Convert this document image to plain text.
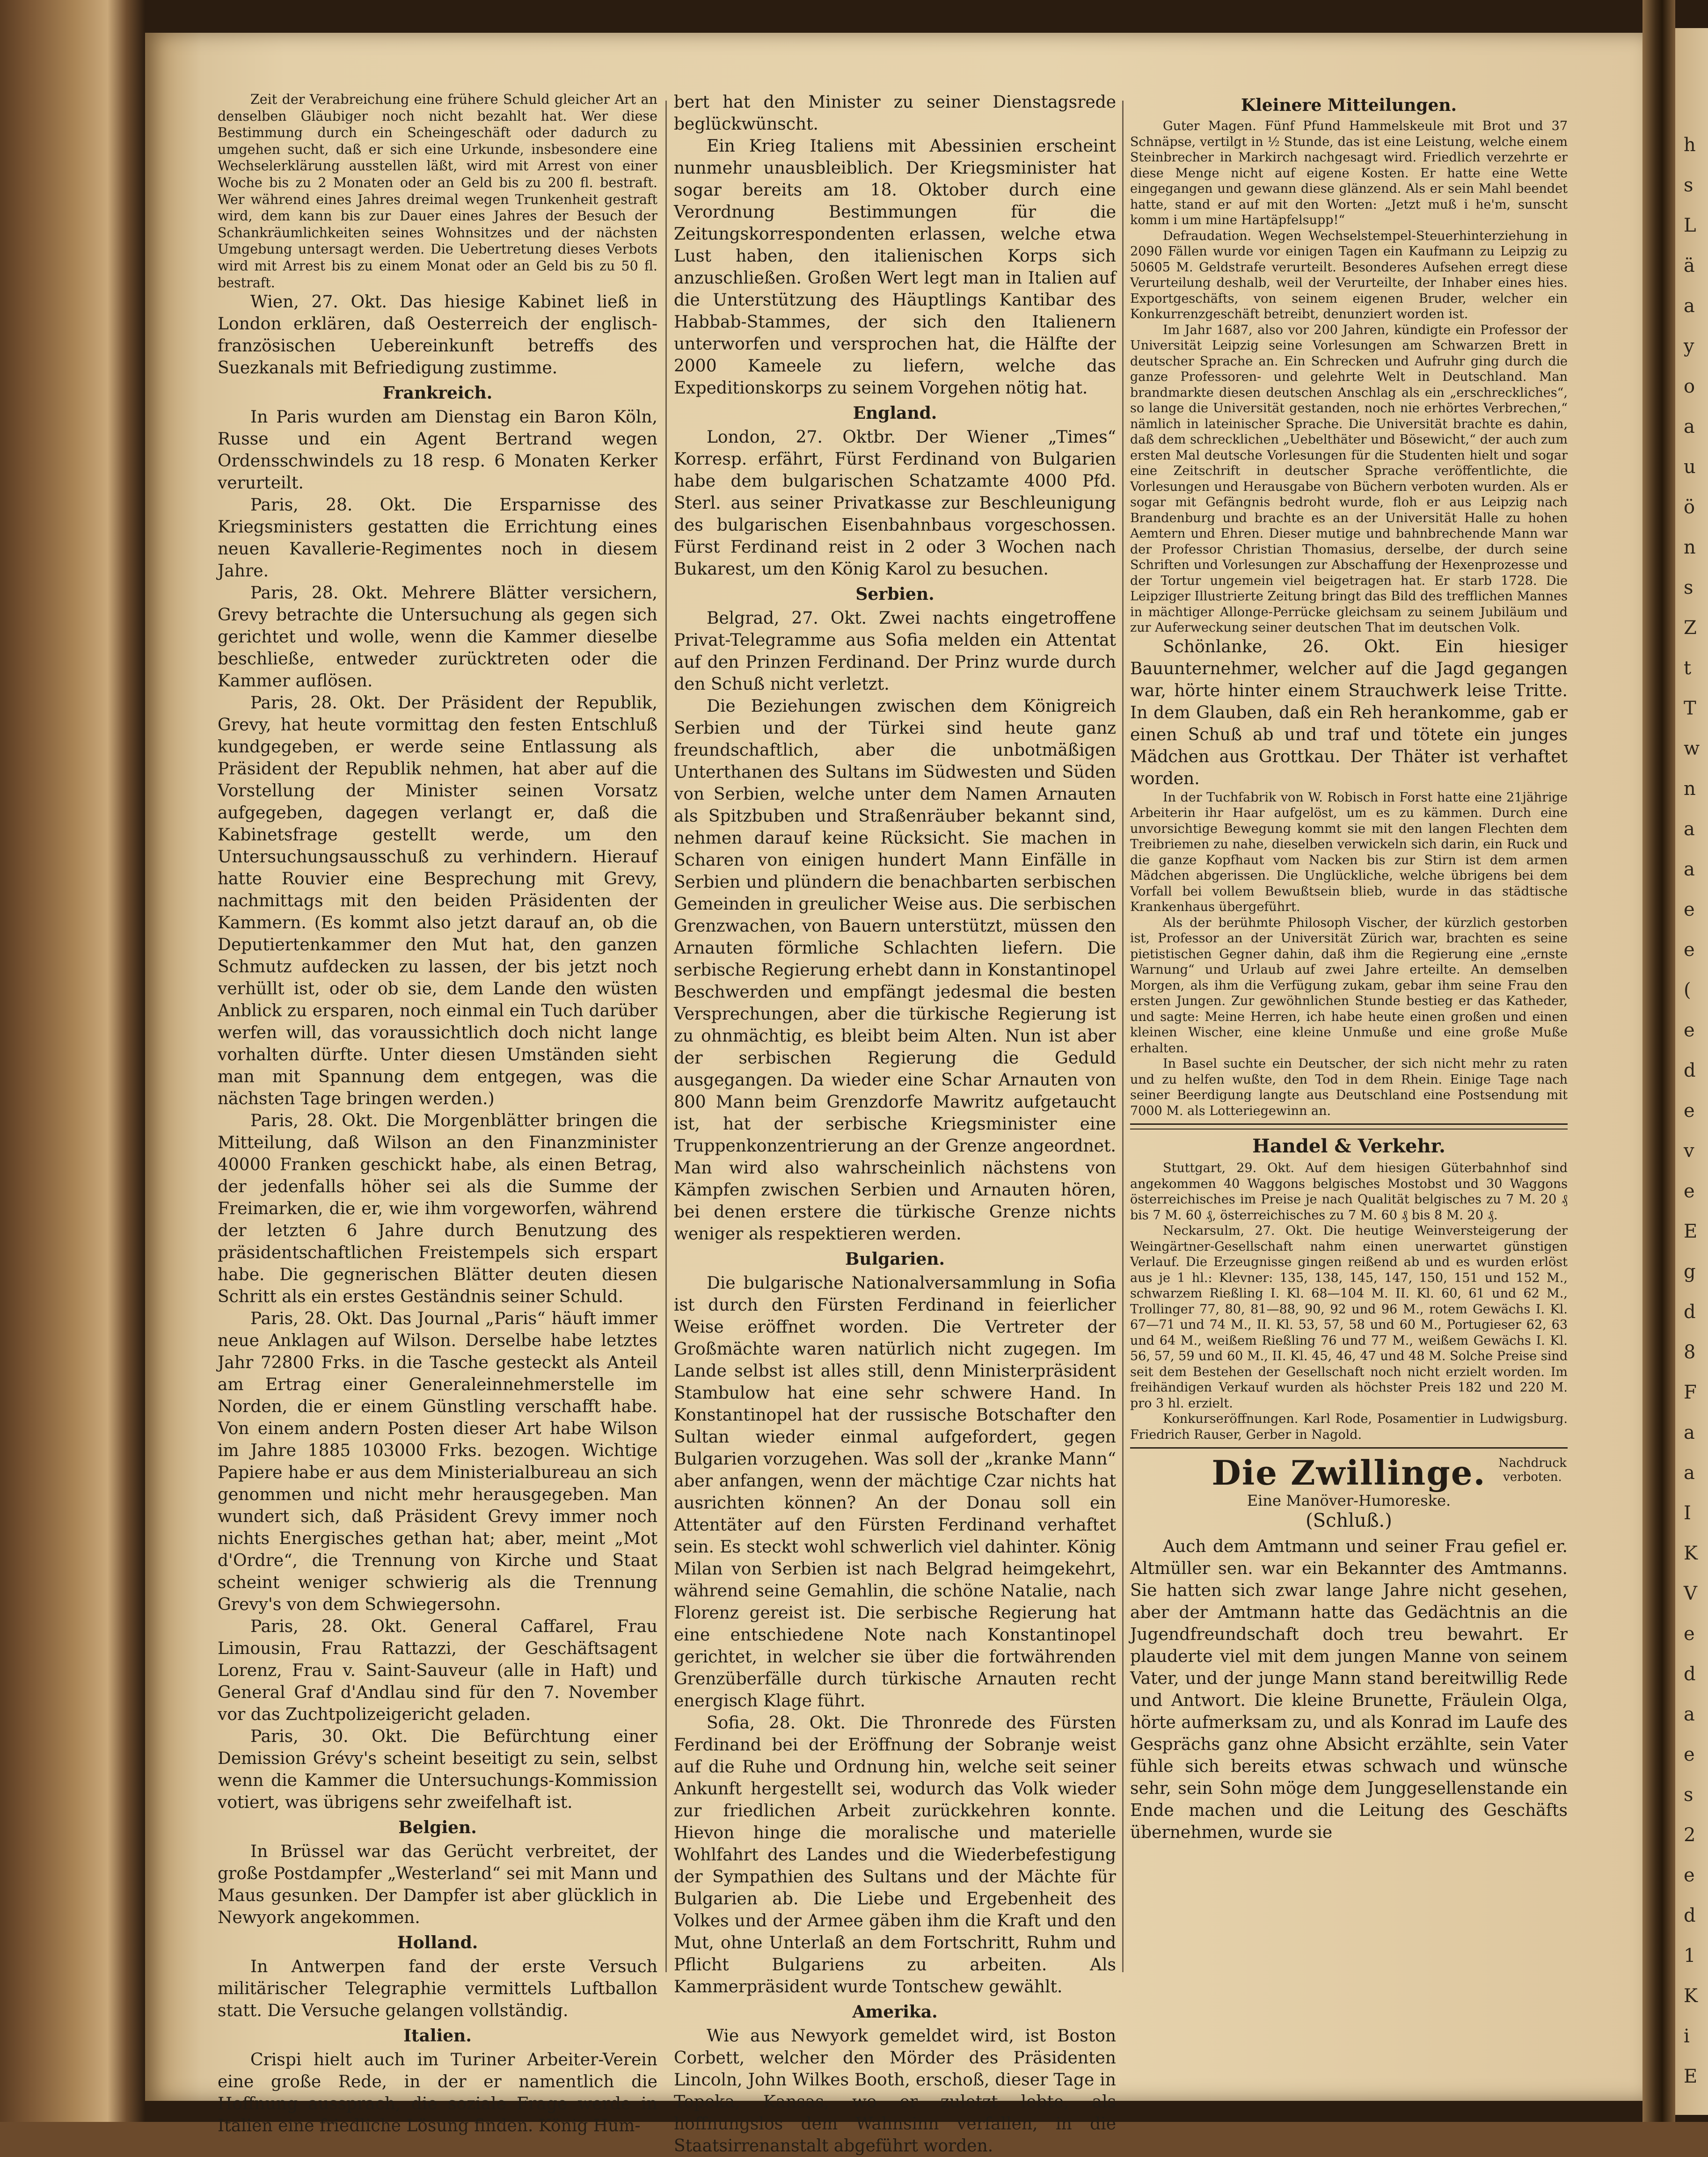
h
s
L
ä
a
y
o
a
u
ö
n
s
Z
t
T
w
n
a
a
e
e
(
e
d
e
v
e
E
g
d
8
F
a
a
I
K
V
e
d
a
e
s
2
e
d
1
K
i
E

Zeit der Verabreichung eine frühere Schuld gleicher Art an denselben Gläubiger noch nicht bezahlt hat. Wer diese Bestimmung durch ein Scheingeschäft oder dadurch zu umgehen sucht, daß er sich eine Urkunde, insbesondere eine Wechselerklärung ausstellen läßt, wird mit Arrest von einer Woche bis zu 2 Monaten oder an Geld bis zu 200 fl. bestraft. Wer während eines Jahres dreimal wegen Trunkenheit gestraft wird, dem kann bis zur Dauer eines Jahres der Besuch der Schankräumlichkeiten seines Wohnsitzes und der nächsten Umgebung untersagt werden. Die Uebertretung dieses Verbots wird mit Arrest bis zu einem Monat oder an Geld bis zu 50 fl. bestraft.

Wien, 27. Okt. Das hiesige Kabinet ließ in London erklären, daß Oesterreich der englisch-französischen Uebereinkunft betreffs des Suezkanals mit Befriedigung zustimme.

Frankreich.

In Paris wurden am Dienstag ein Baron Köln, Russe und ein Agent Bertrand wegen Ordensschwindels zu 18 resp. 6 Monaten Kerker verurteilt.

Paris, 28. Okt. Die Ersparnisse des Kriegsministers gestatten die Errichtung eines neuen Kavallerie-Regimentes noch in diesem Jahre.

Paris, 28. Okt. Mehrere Blätter versichern, Grevy betrachte die Untersuchung als gegen sich gerichtet und wolle, wenn die Kammer dieselbe beschließe, entweder zurücktreten oder die Kammer auflösen.

Paris, 28. Okt. Der Präsident der Republik, Grevy, hat heute vormittag den festen Entschluß kundgegeben, er werde seine Entlassung als Präsident der Republik nehmen, hat aber auf die Vorstellung der Minister seinen Vorsatz aufgegeben, dagegen verlangt er, daß die Kabinetsfrage gestellt werde, um den Untersuchungsausschuß zu verhindern. Hierauf hatte Rouvier eine Besprechung mit Grevy, nachmittags mit den beiden Präsidenten der Kammern. (Es kommt also jetzt darauf an, ob die Deputiertenkammer den Mut hat, den ganzen Schmutz aufdecken zu lassen, der bis jetzt noch verhüllt ist, oder ob sie, dem Lande den wüsten Anblick zu ersparen, noch einmal ein Tuch darüber werfen will, das voraussichtlich doch nicht lange vorhalten dürfte. Unter diesen Umständen sieht man mit Spannung dem entgegen, was die nächsten Tage bringen werden.)

Paris, 28. Okt. Die Morgenblätter bringen die Mitteilung, daß Wilson an den Finanzminister 40000 Franken geschickt habe, als einen Betrag, der jedenfalls höher sei als die Summe der Freimarken, die er, wie ihm vorgeworfen, während der letzten 6 Jahre durch Benutzung des präsidentschaftlichen Freistempels sich erspart habe. Die gegnerischen Blätter deuten diesen Schritt als ein erstes Geständnis seiner Schuld.

Paris, 28. Okt. Das Journal „Paris“ häuft immer neue Anklagen auf Wilson. Derselbe habe letztes Jahr 72800 Frks. in die Tasche gesteckt als Anteil am Ertrag einer Generaleinnehmerstelle im Norden, die er einem Günstling verschafft habe. Von einem andern Posten dieser Art habe Wilson im Jahre 1885 103000 Frks. bezogen. Wichtige Papiere habe er aus dem Ministerialbureau an sich genommen und nicht mehr herausgegeben. Man wundert sich, daß Präsident Grevy immer noch nichts Energisches gethan hat; aber, meint „Mot d'Ordre“, die Trennung von Kirche und Staat scheint weniger schwierig als die Trennung Grevy's von dem Schwiegersohn.

Paris, 28. Okt. General Caffarel, Frau Limousin, Frau Rattazzi, der Geschäftsagent Lorenz, Frau v. Saint-Sauveur (alle in Haft) und General Graf d'Andlau sind für den 7. November vor das Zuchtpolizeigericht geladen.

Paris, 30. Okt. Die Befürchtung einer Demission Grévy's scheint beseitigt zu sein, selbst wenn die Kammer die Untersuchungs-Kommission votiert, was übrigens sehr zweifelhaft ist.

Belgien.

In Brüssel war das Gerücht verbreitet, der große Postdampfer „Westerland“ sei mit Mann und Maus gesunken. Der Dampfer ist aber glücklich in Newyork angekommen.

Holland.

In Antwerpen fand der erste Versuch militärischer Telegraphie vermittels Luftballon statt. Die Versuche gelangen vollständig.

Italien.

Crispi hielt auch im Turiner Arbeiter-Verein eine große Rede, in der er namentlich die Hoffnung aussprach, die soziale Frage werde in Italien eine friedliche Lösung finden. König Hum-

bert hat den Minister zu seiner Dienstagsrede beglückwünscht.

Ein Krieg Italiens mit Abessinien erscheint nunmehr unausbleiblich. Der Kriegsminister hat sogar bereits am 18. Oktober durch eine Verordnung Bestimmungen für die Zeitungskorrespondenten erlassen, welche etwa Lust haben, den italienischen Korps sich anzuschließen. Großen Wert legt man in Italien auf die Unterstützung des Häuptlings Kantibar des Habbab-Stammes, der sich den Italienern unterworfen und versprochen hat, die Hälfte der 2000 Kameele zu liefern, welche das Expeditionskorps zu seinem Vorgehen nötig hat.

England.

London, 27. Oktbr. Der Wiener „Times“ Korresp. erfährt, Fürst Ferdinand von Bulgarien habe dem bulgarischen Schatzamte 4000 Pfd. Sterl. aus seiner Privatkasse zur Beschleunigung des bulgarischen Eisenbahnbaus vorgeschossen. Fürst Ferdinand reist in 2 oder 3 Wochen nach Bukarest, um den König Karol zu besuchen.

Serbien.

Belgrad, 27. Okt. Zwei nachts eingetroffene Privat-Telegramme aus Sofia melden ein Attentat auf den Prinzen Ferdinand. Der Prinz wurde durch den Schuß nicht verletzt.

Die Beziehungen zwischen dem Königreich Serbien und der Türkei sind heute ganz freundschaftlich, aber die unbotmäßigen Unterthanen des Sultans im Südwesten und Süden von Serbien, welche unter dem Namen Arnauten als Spitzbuben und Straßenräuber bekannt sind, nehmen darauf keine Rücksicht. Sie machen in Scharen von einigen hundert Mann Einfälle in Serbien und plündern die benachbarten serbischen Gemeinden in greulicher Weise aus. Die serbischen Grenzwachen, von Bauern unterstützt, müssen den Arnauten förmliche Schlachten liefern. Die serbische Regierung erhebt dann in Konstantinopel Beschwerden und empfängt jedesmal die besten Versprechungen, aber die türkische Regierung ist zu ohnmächtig, es bleibt beim Alten. Nun ist aber der serbischen Regierung die Geduld ausgegangen. Da wieder eine Schar Arnauten von 800 Mann beim Grenzdorfe Mawritz aufgetaucht ist, hat der serbische Kriegsminister eine Truppenkonzentrierung an der Grenze angeordnet. Man wird also wahrscheinlich nächstens von Kämpfen zwischen Serbien und Arnauten hören, bei denen erstere die türkische Grenze nichts weniger als respektieren werden.

Bulgarien.

Die bulgarische Nationalversammlung in Sofia ist durch den Fürsten Ferdinand in feierlicher Weise eröffnet worden. Die Vertreter der Großmächte waren natürlich nicht zugegen. Im Lande selbst ist alles still, denn Ministerpräsident Stambulow hat eine sehr schwere Hand. In Konstantinopel hat der russische Botschafter den Sultan wieder einmal aufgefordert, gegen Bulgarien vorzugehen. Was soll der „kranke Mann“ aber anfangen, wenn der mächtige Czar nichts hat ausrichten können? An der Donau soll ein Attentäter auf den Fürsten Ferdinand verhaftet sein. Es steckt wohl schwerlich viel dahinter. König Milan von Serbien ist nach Belgrad heimgekehrt, während seine Gemahlin, die schöne Natalie, nach Florenz gereist ist. Die serbische Regierung hat eine entschiedene Note nach Konstantinopel gerichtet, in welcher sie über die fortwährenden Grenzüberfälle durch türkische Arnauten recht energisch Klage führt.

Sofia, 28. Okt. Die Thronrede des Fürsten Ferdinand bei der Eröffnung der Sobranje weist auf die Ruhe und Ordnung hin, welche seit seiner Ankunft hergestellt sei, wodurch das Volk wieder zur friedlichen Arbeit zurückkehren konnte. Hievon hinge die moralische und materielle Wohlfahrt des Landes und die Wiederbefestigung der Sympathien des Sultans und der Mächte für Bulgarien ab. Die Liebe und Ergebenheit des Volkes und der Armee gäben ihm die Kraft und den Mut, ohne Unterlaß an dem Fortschritt, Ruhm und Pflicht Bulgariens zu arbeiten. Als Kammerpräsident wurde Tontschew gewählt.

Amerika.

Wie aus Newyork gemeldet wird, ist Boston Corbett, welcher den Mörder des Präsidenten Lincoln, John Wilkes Booth, erschoß, dieser Tage in Topeka, Kansas, wo er zuletzt lebte, als hoffnungslos dem Wahnsinn verfallen, in die Staatsirrenanstalt abgeführt worden.

Kleinere Mitteilungen.

Guter Magen. Fünf Pfund Hammelskeule mit Brot und 37 Schnäpse, vertilgt in ½ Stunde, das ist eine Leistung, welche einem Steinbrecher in Markirch nachgesagt wird. Friedlich verzehrte er diese Menge nicht auf eigene Kosten. Er hatte eine Wette eingegangen und gewann diese glänzend. Als er sein Mahl beendet hatte, stand er auf mit den Worten: „Jetzt muß i he'm, sunscht komm i um mine Hartäpfelsupp!“

Defraudation. Wegen Wechselstempel-Steuerhinterziehung in 2090 Fällen wurde vor einigen Tagen ein Kaufmann zu Leipzig zu 50605 M. Geldstrafe verurteilt. Besonderes Aufsehen erregt diese Verurteilung deshalb, weil der Verurteilte, der Inhaber eines hies. Exportgeschäfts, von seinem eigenen Bruder, welcher ein Konkurrenzgeschäft betreibt, denunziert worden ist.

Im Jahr 1687, also vor 200 Jahren, kündigte ein Professor der Universität Leipzig seine Vorlesungen am Schwarzen Brett in deutscher Sprache an. Ein Schrecken und Aufruhr ging durch die ganze Professoren- und gelehrte Welt in Deutschland. Man brandmarkte diesen deutschen Anschlag als ein „erschreckliches“, so lange die Universität gestanden, noch nie erhörtes Verbrechen,“ nämlich in lateinischer Sprache. Die Universität brachte es dahin, daß dem schrecklichen „Uebelthäter und Bösewicht,“ der auch zum ersten Mal deutsche Vorlesungen für die Studenten hielt und sogar eine Zeitschrift in deutscher Sprache veröffentlichte, die Vorlesungen und Herausgabe von Büchern verboten wurden. Als er sogar mit Gefängnis bedroht wurde, floh er aus Leipzig nach Brandenburg und brachte es an der Universität Halle zu hohen Aemtern und Ehren. Dieser mutige und bahnbrechende Mann war der Professor Christian Thomasius, derselbe, der durch seine Schriften und Vorlesungen zur Abschaffung der Hexenprozesse und der Tortur ungemein viel beigetragen hat. Er starb 1728. Die Leipziger Illustrierte Zeitung bringt das Bild des trefflichen Mannes in mächtiger Allonge-Perrücke gleichsam zu seinem Jubiläum und zur Auferweckung seiner deutschen That im deutschen Volk.

Schönlanke, 26. Okt. Ein hiesiger Bauunternehmer, welcher auf die Jagd gegangen war, hörte hinter einem Strauchwerk leise Tritte. In dem Glauben, daß ein Reh herankomme, gab er einen Schuß ab und traf und tötete ein junges Mädchen aus Grottkau. Der Thäter ist verhaftet worden.

In der Tuchfabrik von W. Robisch in Forst hatte eine 21jährige Arbeiterin ihr Haar aufgelöst, um es zu kämmen. Durch eine unvorsichtige Bewegung kommt sie mit den langen Flechten dem Treibriemen zu nahe, dieselben verwickeln sich darin, ein Ruck und die ganze Kopfhaut vom Nacken bis zur Stirn ist dem armen Mädchen abgerissen. Die Unglückliche, welche übrigens bei dem Vorfall bei vollem Bewußtsein blieb, wurde in das städtische Krankenhaus übergeführt.

Als der berühmte Philosoph Vischer, der kürzlich gestorben ist, Professor an der Universität Zürich war, brachten es seine pietistischen Gegner dahin, daß ihm die Regierung eine „ernste Warnung“ und Urlaub auf zwei Jahre erteilte. An demselben Morgen, als ihm die Verfügung zukam, gebar ihm seine Frau den ersten Jungen. Zur gewöhnlichen Stunde bestieg er das Katheder, und sagte: Meine Herren, ich habe heute einen großen und einen kleinen Wischer, eine kleine Unmuße und eine große Muße erhalten.

In Basel suchte ein Deutscher, der sich nicht mehr zu raten und zu helfen wußte, den Tod in dem Rhein. Einige Tage nach seiner Beerdigung langte aus Deutschland eine Postsendung mit 7000 M. als Lotteriegewinn an.

Handel & Verkehr.

Stuttgart, 29. Okt. Auf dem hiesigen Güterbahnhof sind angekommen 40 Waggons belgisches Mostobst und 30 Waggons österreichisches im Preise je nach Qualität belgisches zu 7 M. 20 ₰ bis 7 M. 60 ₰, österreichisches zu 7 M. 60 ₰ bis 8 M. 20 ₰.

Neckarsulm, 27. Okt. Die heutige Weinversteigerung der Weingärtner-Gesellschaft nahm einen unerwartet günstigen Verlauf. Die Erzeugnisse gingen reißend ab und es wurden erlöst aus je 1 hl.: Klevner: 135, 138, 145, 147, 150, 151 und 152 M., schwarzem Rießling I. Kl. 68—104 M. II. Kl. 60, 61 und 62 M., Trollinger 77, 80, 81—88, 90, 92 und 96 M., rotem Gewächs I. Kl. 67—71 und 74 M., II. Kl. 53, 57, 58 und 60 M., Portugieser 62, 63 und 64 M., weißem Rießling 76 und 77 M., weißem Gewächs I. Kl. 56, 57, 59 und 60 M., II. Kl. 45, 46, 47 und 48 M. Solche Preise sind seit dem Bestehen der Gesellschaft noch nicht erzielt worden. Im freihändigen Verkauf wurden als höchster Preis 182 und 220 M. pro 3 hl. erzielt.

Konkurseröffnungen. Karl Rode, Posamentier in Ludwigsburg. Friedrich Rauser, Gerber in Nagold.

Die Zwillinge.	Nachdruck verboten.
Eine Manöver-Humoreske.
(Schluß.)

Auch dem Amtmann und seiner Frau gefiel er. Altmüller sen. war ein Bekannter des Amtmanns. Sie hatten sich zwar lange Jahre nicht gesehen, aber der Amtmann hatte das Gedächtnis an die Jugendfreundschaft doch treu bewahrt. Er plauderte viel mit dem jungen Manne von seinem Vater, und der junge Mann stand bereitwillig Rede und Antwort. Die kleine Brunette, Fräulein Olga, hörte aufmerksam zu, und als Konrad im Laufe des Gesprächs ganz ohne Absicht erzählte, sein Vater fühle sich bereits etwas schwach und wünsche sehr, sein Sohn möge dem Junggesellenstande ein Ende machen und die Leitung des Geschäfts übernehmen, wurde sie
